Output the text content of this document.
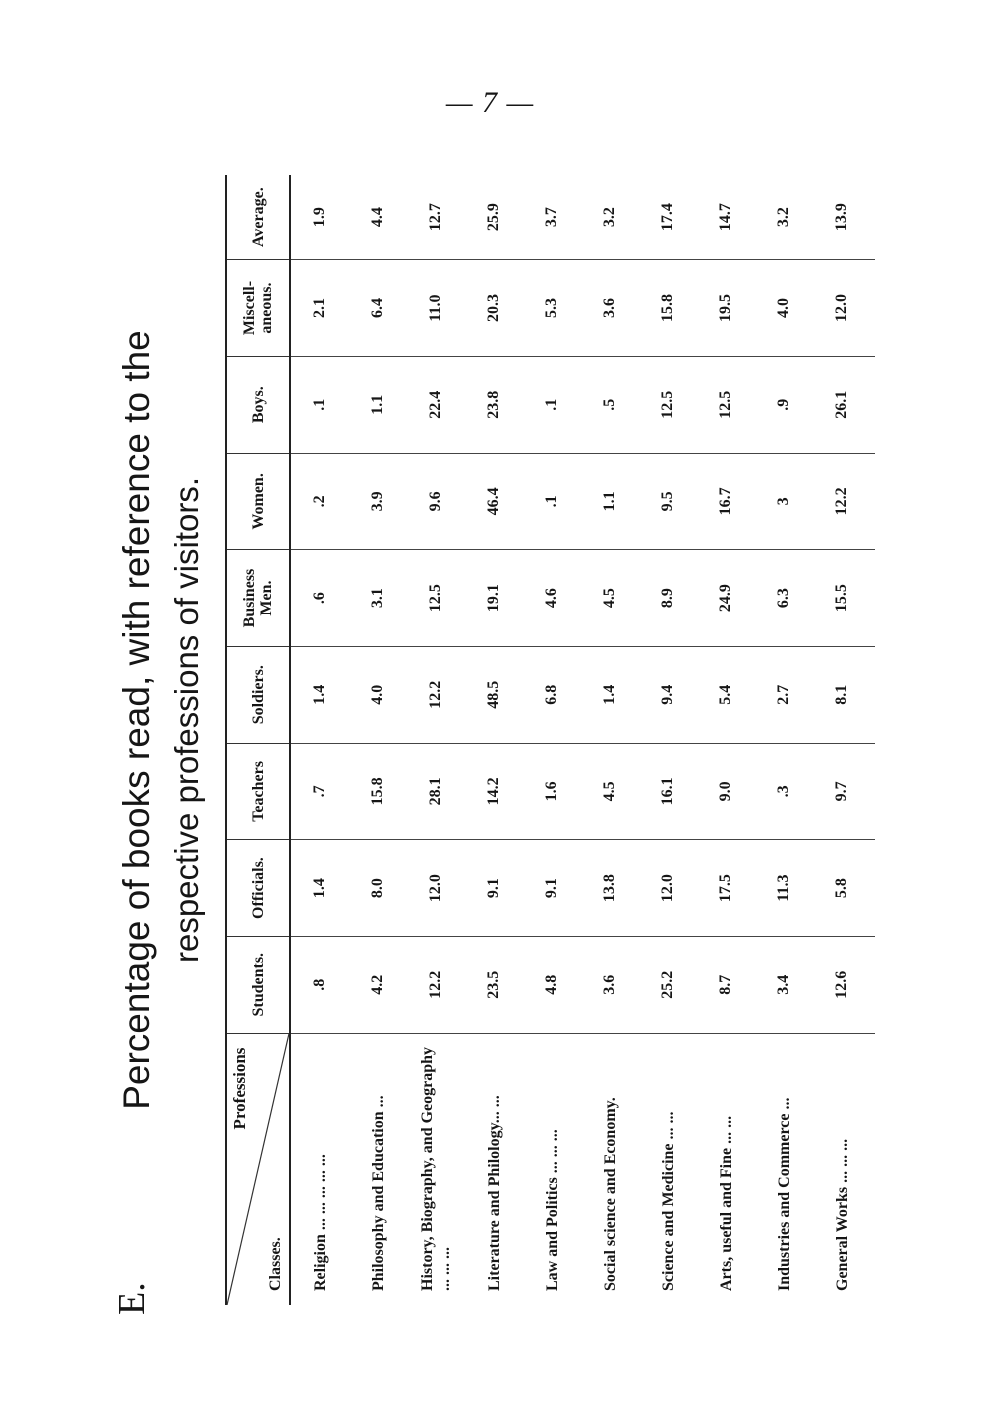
— 7 —
E.
Percentage of books read, with reference to the respective professions of visitors.
Professions
Classes.	Students.	Officials.	Teachers	Soldiers.	Business Men.	Women.	Boys.	Miscell-aneous.	Average.
Religion ... ... ... ... ...	.8	1.4	.7	1.4	.6	.2	.1	2.1	1.9
Philosophy and Education ...	4.2	8.0	15.8	4.0	3.1	3.9	1.1	6.4	4.4
History, Biography, and Geography ... ... ...	12.2	12.0	28.1	12.2	12.5	9.6	22.4	11.0	12.7
Literature and Philology... ...	23.5	9.1	14.2	48.5	19.1	46.4	23.8	20.3	25.9
Law and Politics ... ... ...	4.8	9.1	1.6	6.8	4.6	.1	.1	5.3	3.7
Social science and Economy.	3.6	13.8	4.5	1.4	4.5	1.1	.5	3.6	3.2
Science and Medicine ... ...	25.2	12.0	16.1	9.4	8.9	9.5	12.5	15.8	17.4
Arts, useful and Fine ... ...	8.7	17.5	9.0	5.4	24.9	16.7	12.5	19.5	14.7
Industries and Commerce ...	3.4	11.3	.3	2.7	6.3	3	.9	4.0	3.2
General Works ... ... ...	12.6	5.8	9.7	8.1	15.5	12.2	26.1	12.0	13.9
